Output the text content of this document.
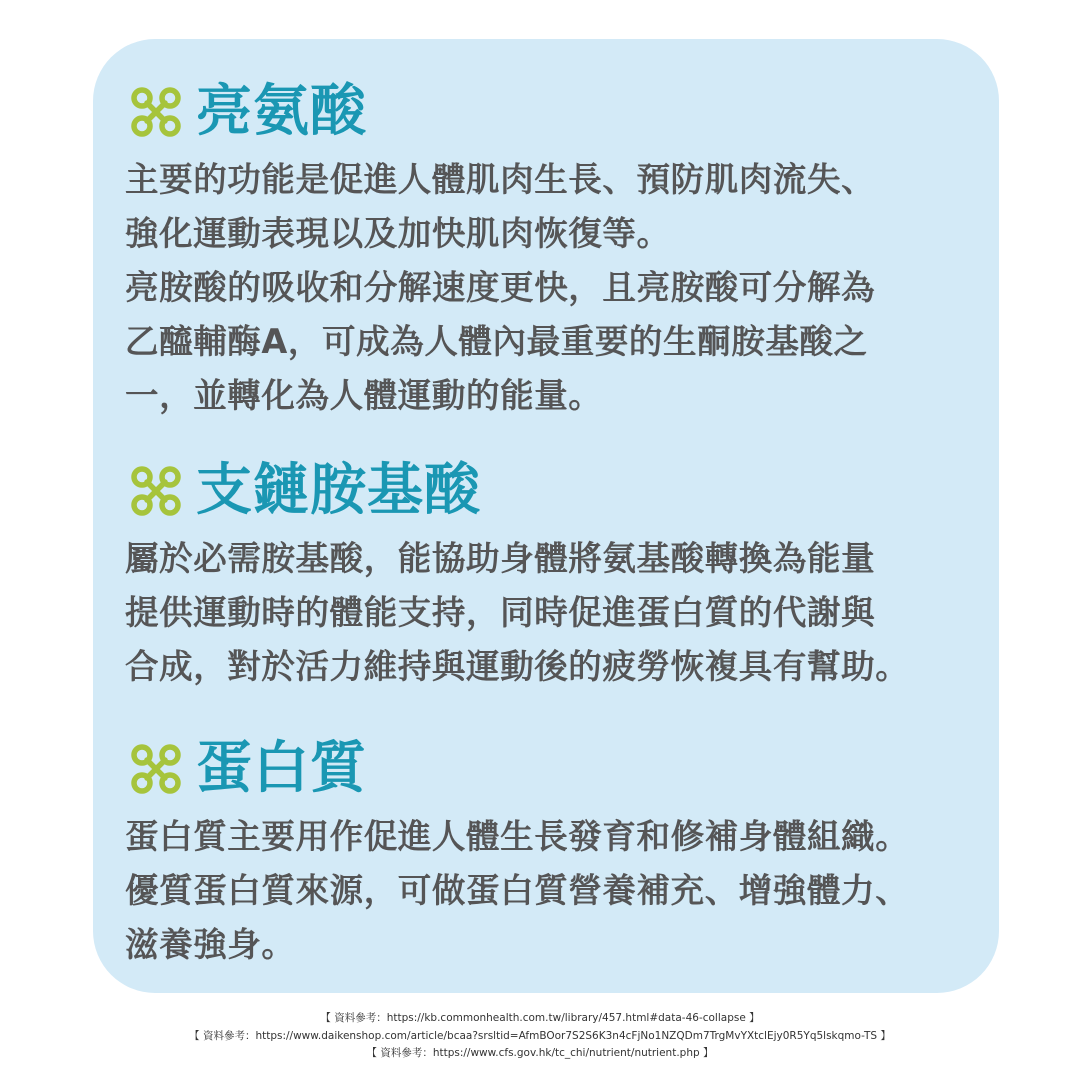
亮氨酸
主要的功能是促進人體肌肉生長、預防肌肉流失、
強化運動表現以及加快肌肉恢復等。
亮胺酸的吸收和分解速度更快，且亮胺酸可分解為
乙醯輔酶A，可成為人體內最重要的生酮胺基酸之
一，並轉化為人體運動的能量。
支鏈胺基酸
屬於必需胺基酸，能協助身體將氨基酸轉換為能量
提供運動時的體能支持，同時促進蛋白質的代謝與
合成，對於活力維持與運動後的疲勞恢複具有幫助。
蛋白質
蛋白質主要用作促進人體生長發育和修補身體組織。
優質蛋白質來源，可做蛋白質營養補充、增強體力、
滋養強身。
【 資料參考：https://kb.commonhealth.com.tw/library/457.html#data-46-collapse 】
【 資料參考：https://www.daikenshop.com/article/bcaa?srsltid=AfmBOor7S2S6K3n4cFjNo1NZQDm7TrgMvYXtclEjy0R5Yq5lskqmo-TS 】
【 資料參考：https://www.cfs.gov.hk/tc_chi/nutrient/nutrient.php 】
